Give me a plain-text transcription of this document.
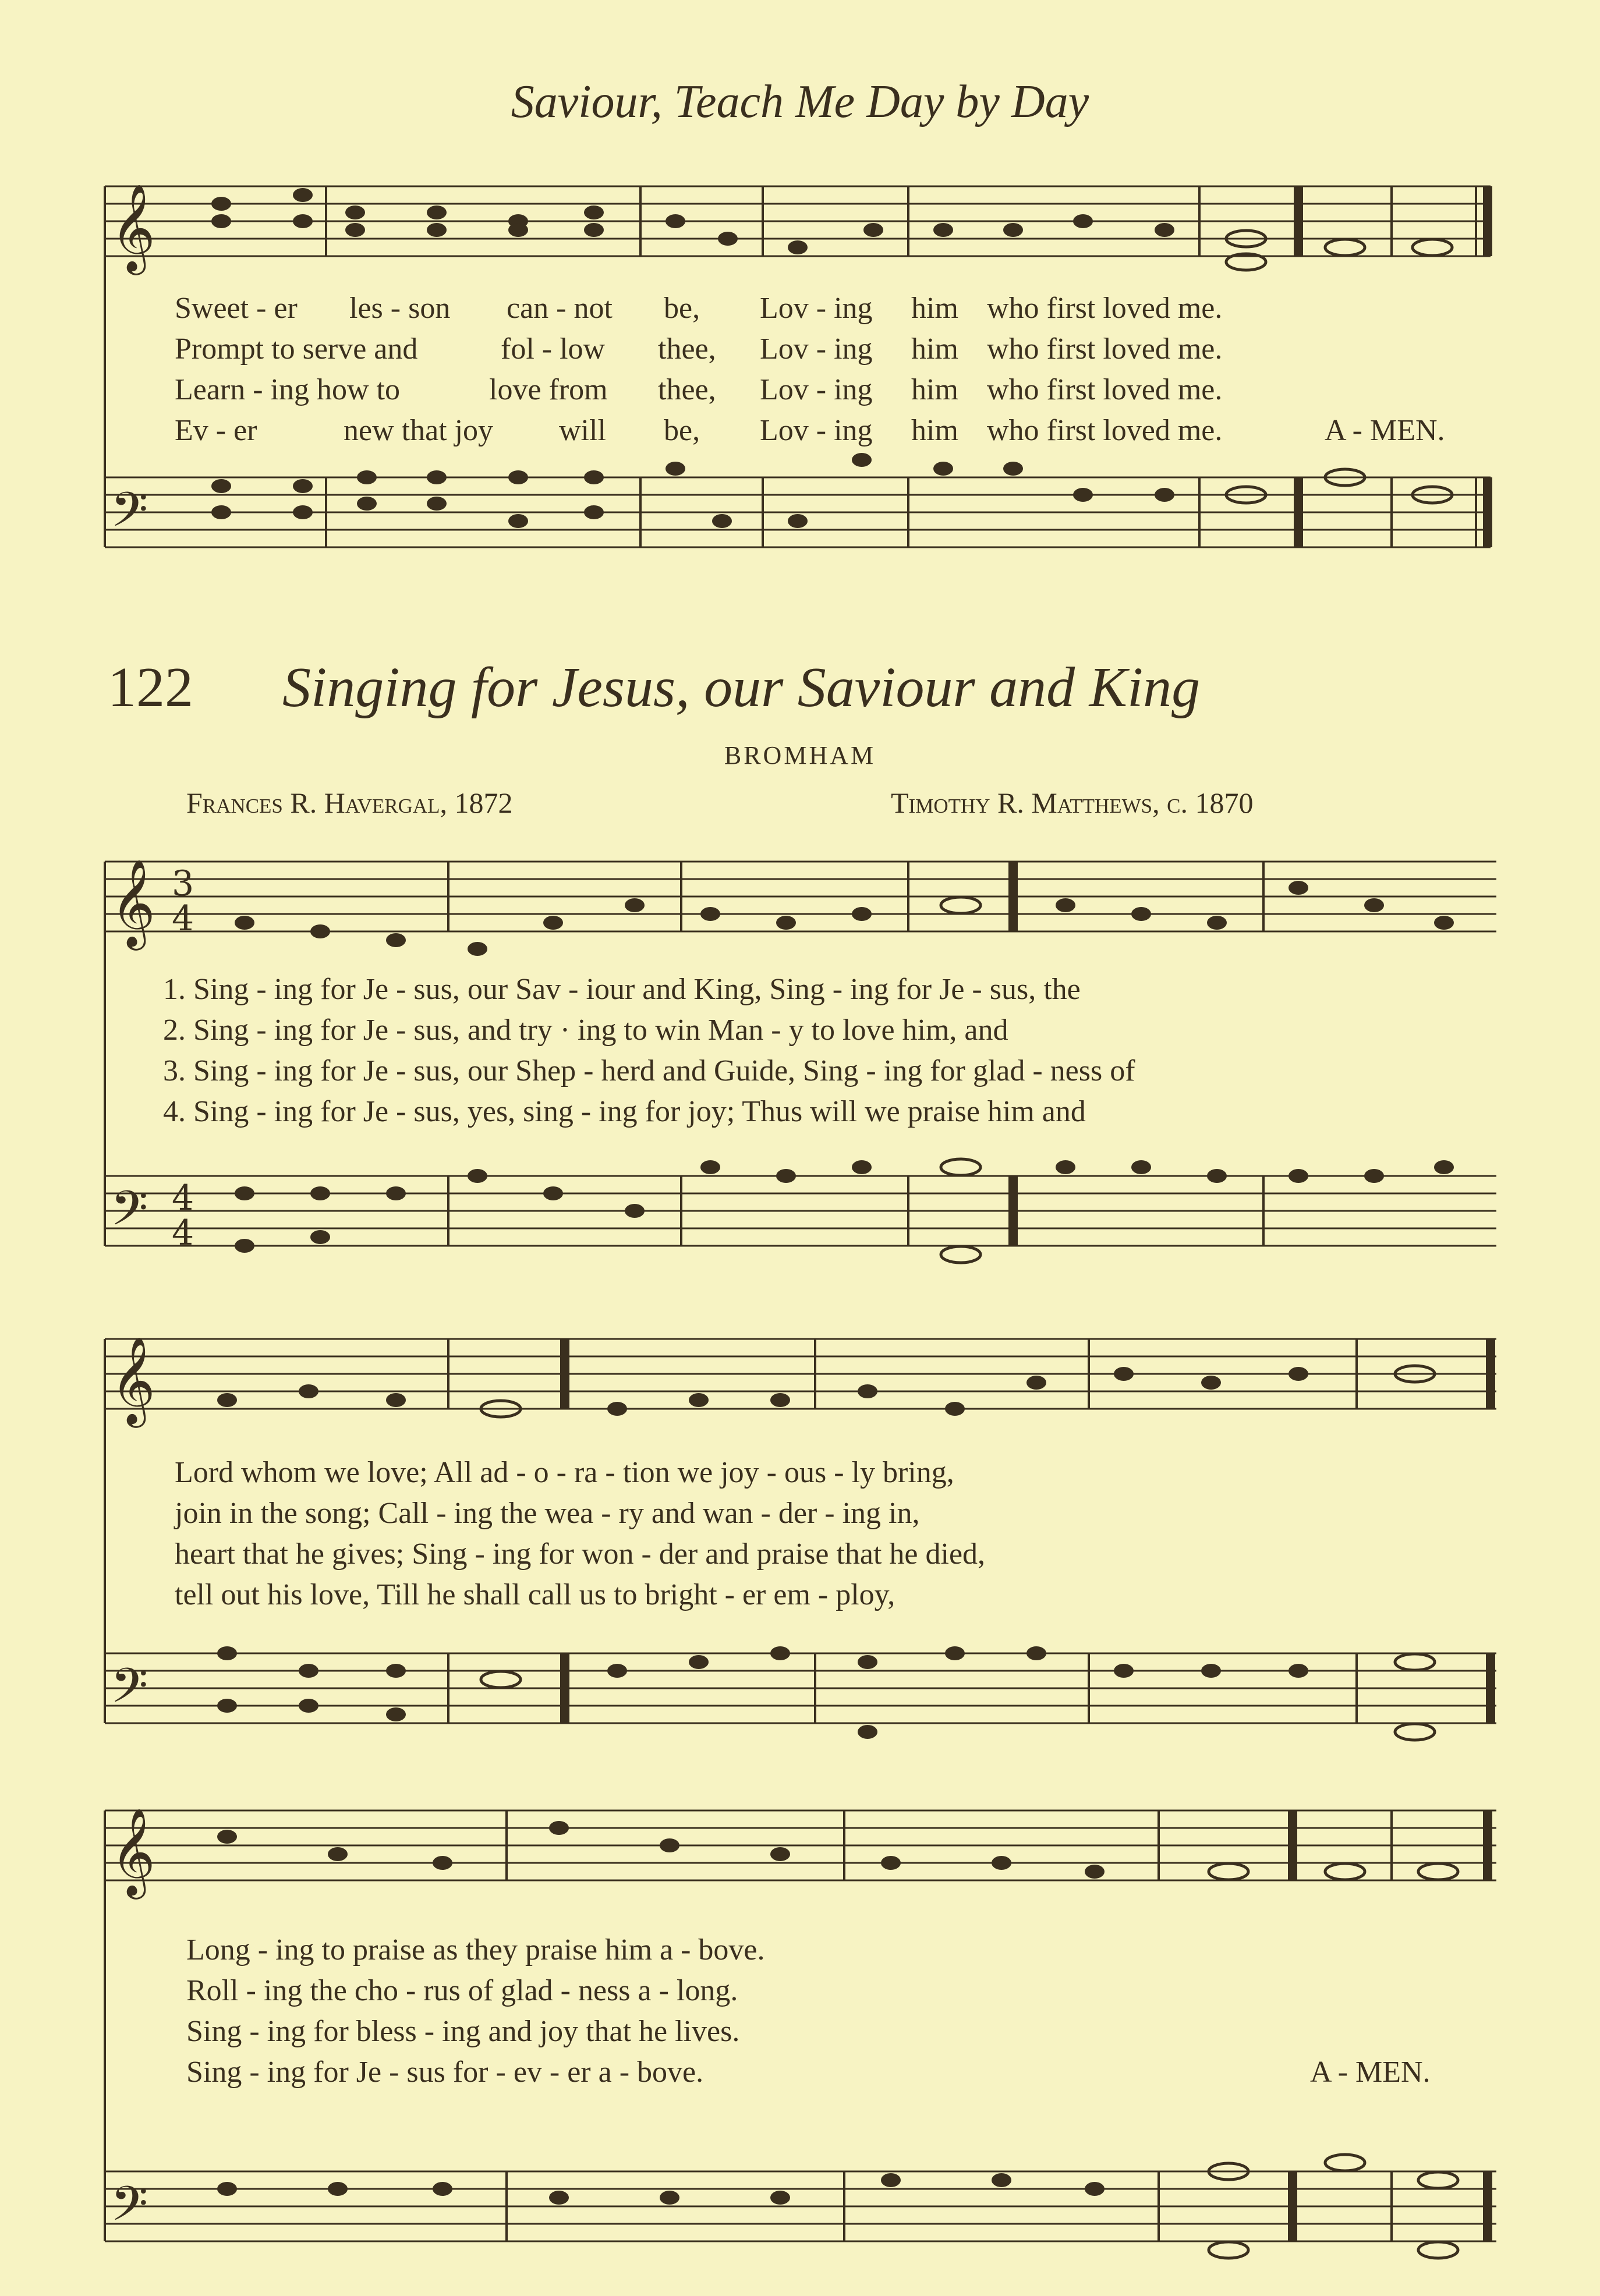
Saviour, Teach Me Day by Day
𝄞
𝄢
Sweet - er les - son can - not be, Lov - ing him who first loved me.
Prompt to serve and	fol - low thee, Lov - ing him who first loved me.
Learn - ing how to	love from thee, Lov - ing him who first loved me.
Ev - er	new that joy will be, Lov - ing him who first loved me.	A - MEN.
122 Singing for Jesus, our Saviour and King
BROMHAM
Frances R. Havergal, 1872	Timothy R. Matthews, c. 1870
𝄞 3
4
𝄢 4
4
1. Sing - ing for Je - sus, our Sav - iour and King, Sing - ing for Je - sus, the
2. Sing - ing for Je - sus, and try · ing to win Man - y to love him, and
3. Sing - ing for Je - sus, our Shep - herd and Guide, Sing - ing for glad - ness of
4. Sing - ing for Je - sus, yes, sing - ing for joy; Thus will we praise him and
𝄞
𝄢
Lord whom we love; All ad - o - ra - tion we joy - ous - ly bring,
join in the song; Call - ing the wea - ry and wan - der - ing in,
heart that he gives; Sing - ing for won - der and praise that he died,
tell out his love, Till he shall call us to bright - er em - ploy,
𝄞
𝄢
Long - ing to praise as they praise him a - bove.
Roll - ing the cho - rus of glad - ness a - long.
Sing - ing for bless - ing and joy that he lives.
Sing - ing for Je - sus for - ev - er a - bove.	A - MEN.
